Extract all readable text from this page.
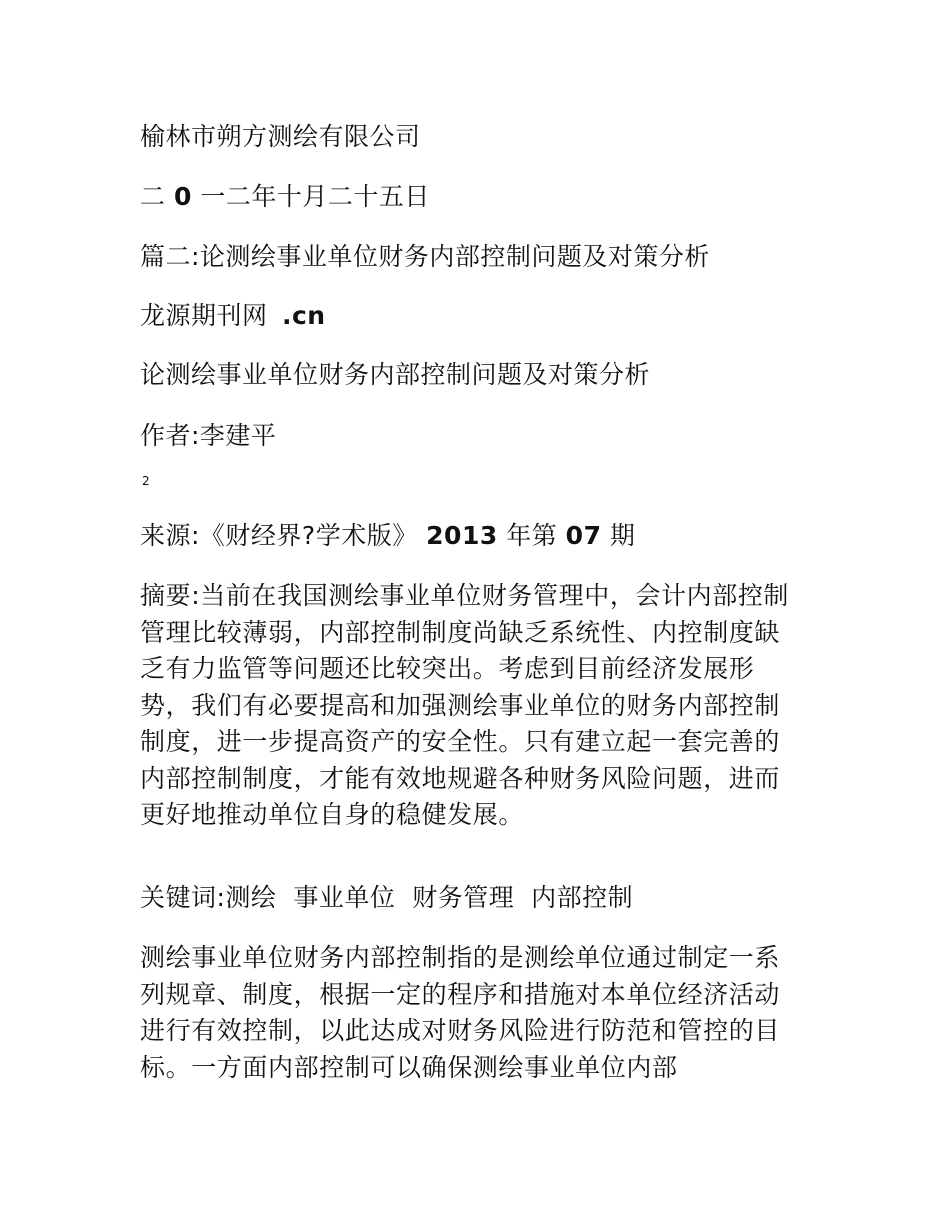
榆林市朔方测绘有限公司
二 0 一二年十月二十五日
篇二:论测绘事业单位财务内部控制问题及对策分析
龙源期刊网 .cn
论测绘事业单位财务内部控制问题及对策分析
作者:李建平
2
来源:《财经界?学术版》 2013 年第 07 期

摘要:当前在我国测绘事业单位财务管理中，会计内部控制管理比较薄弱，内部控制制度尚缺乏系统性、内控制度缺乏有力监管等问题还比较突出。考虑到目前经济发展形势，我们有必要提高和加强测绘事业单位的财务内部控制制度，进一步提高资产的安全性。只有建立起一套完善的内部控制制度，才能有效地规避各种财务风险问题，进而更好地推动单位自身的稳健发展。

关键词:测绘  事业单位  财务管理  内部控制

测绘事业单位财务内部控制指的是测绘单位通过制定一系列规章、制度，根据一定的程序和措施对本单位经济活动进行有效控制，以此达成对财务风险进行防范和管控的目标。一方面内部控制可以确保测绘事业单位内部
